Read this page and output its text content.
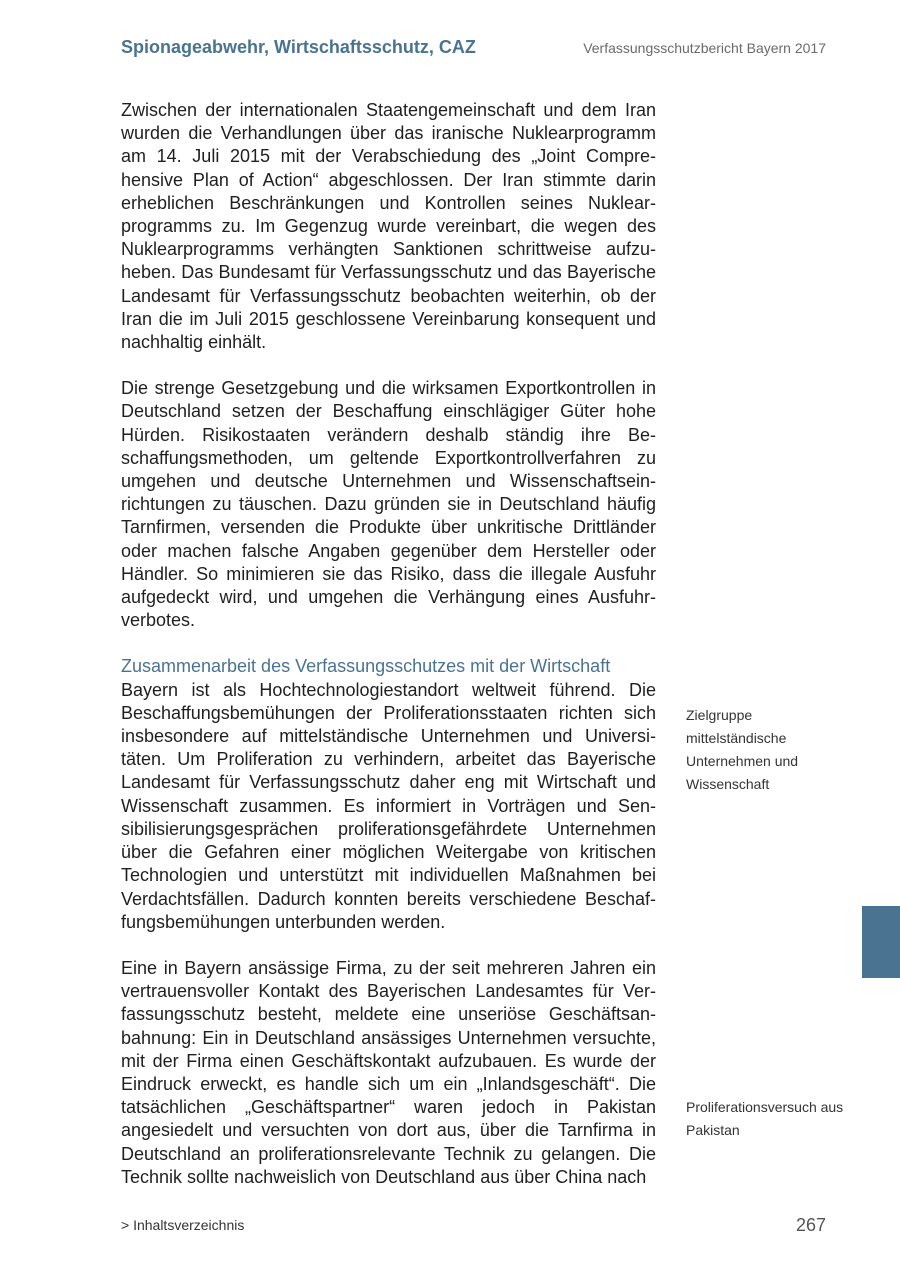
Spionageabwehr, Wirtschaftsschutz, CAZ	Verfassungsschutzbericht Bayern 2017

Zwischen der internationalen Staatengemeinschaft und dem Iran wurden die Verhandlungen über das iranische Nuklearprogramm am 14. Juli 2015 mit der Verabschiedung des „Joint Comprehensive Plan of Action“ abgeschlossen. Der Iran stimmte darin erheblichen Beschränkungen und Kontrollen seines Nuklearprogramms zu. Im Gegenzug wurde vereinbart, die wegen des Nuklearprogramms verhängten Sanktionen schrittweise aufzuheben. Das Bundesamt für Verfassungsschutz und das Bayerische Landesamt für Verfassungsschutz beobachten weiterhin, ob der Iran die im Juli 2015 geschlossene Vereinbarung konsequent und nachhaltig einhält.

Die strenge Gesetzgebung und die wirksamen Exportkontrollen in Deutschland setzen der Beschaffung einschlägiger Güter hohe Hürden. Risikostaaten verändern deshalb ständig ihre Beschaffungsmethoden, um geltende Exportkontrollverfahren zu umgehen und deutsche Unternehmen und Wissenschaftseinrichtungen zu täuschen. Dazu gründen sie in Deutschland häufig Tarnfirmen, versenden die Produkte über unkritische Drittländer oder machen falsche Angaben gegenüber dem Hersteller oder Händler. So minimieren sie das Risiko, dass die illegale Ausfuhr aufgedeckt wird, und umgehen die Verhängung eines Ausfuhrverbotes.

Zusammenarbeit des Verfassungsschutzes mit der Wirtschaft

Bayern ist als Hochtechnologiestandort weltweit führend. Die Beschaffungsbemühungen der Proliferationsstaaten richten sich insbesondere auf mittelständische Unternehmen und Universitäten. Um Proliferation zu verhindern, arbeitet das Bayerische Landesamt für Verfassungsschutz daher eng mit Wirtschaft und Wissenschaft zusammen. Es informiert in Vorträgen und Sensibilisierungsgesprächen proliferationsgefährdete Unternehmen über die Gefahren einer möglichen Weitergabe von kritischen Technologien und unterstützt mit individuellen Maßnahmen bei Verdachtsfällen. Dadurch konnten bereits verschiedene Beschaffungsbemühungen unterbunden werden.

Eine in Bayern ansässige Firma, zu der seit mehreren Jahren ein vertrauensvoller Kontakt des Bayerischen Landesamtes für Verfassungsschutz besteht, meldete eine unseriöse Geschäftsanbahnung: Ein in Deutschland ansässiges Unternehmen versuchte, mit der Firma einen Geschäftskontakt aufzubauen. Es wurde der Eindruck erweckt, es handle sich um ein „Inlandsgeschäft“. Die tatsächlichen „Geschäftspartner“ waren jedoch in Pakistan angesiedelt und versuchten von dort aus, über die Tarnfirma in Deutschland an proliferationsrelevante Technik zu gelangen. Die Technik sollte nachweislich von Deutschland aus über China nach

Zielgruppe mittelständische Unternehmen und Wissenschaft
Proliferationsversuch aus Pakistan
> Inhaltsverzeichnis	267
